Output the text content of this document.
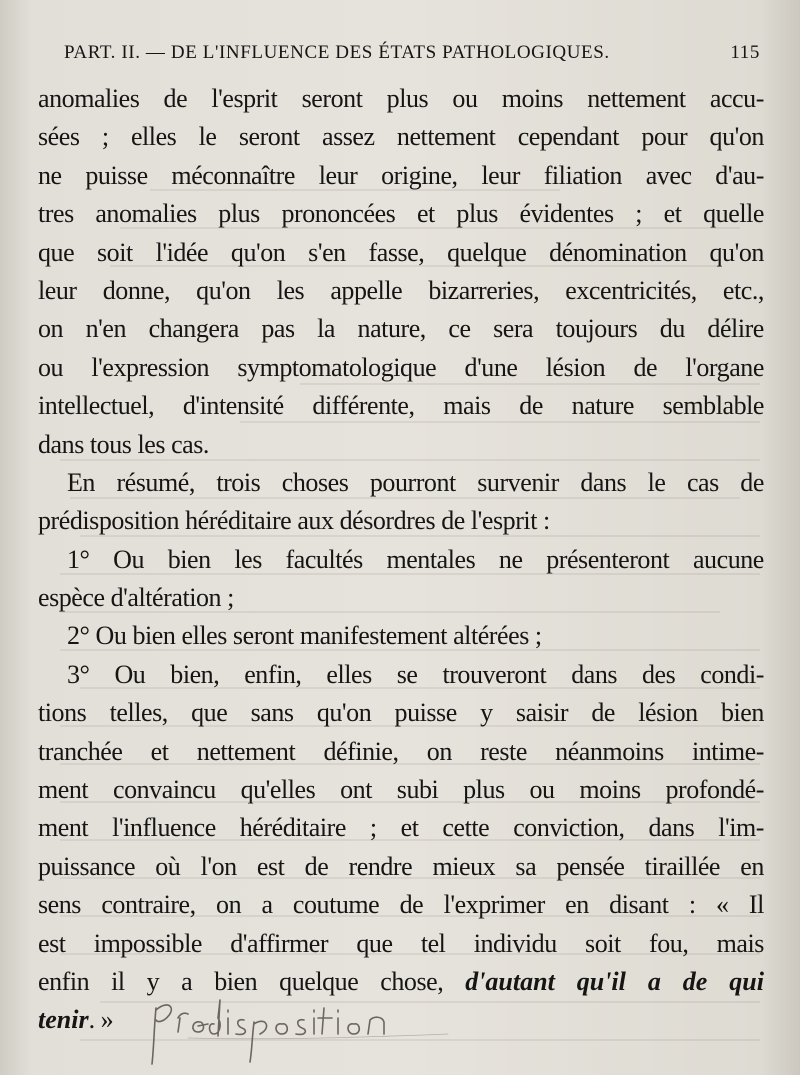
PART. II. — DE L'INFLUENCE DES ÉTATS PATHOLOGIQUES.	115
anomalies de l'esprit seront plus ou moins nettement accu-
sées ; elles le seront assez nettement cependant pour qu'on
ne puisse méconnaître leur origine, leur filiation avec d'au-
tres anomalies plus prononcées et plus évidentes ; et quelle
que soit l'idée qu'on s'en fasse, quelque dénomination qu'on
leur donne, qu'on les appelle bizarreries, excentricités, etc.,
on n'en changera pas la nature, ce sera toujours du délire
ou l'expression symptomatologique d'une lésion de l'organe
intellectuel, d'intensité différente, mais de nature semblable
dans tous les cas.
En résumé, trois choses pourront survenir dans le cas de
prédisposition héréditaire aux désordres de l'esprit :
1° Ou bien les facultés mentales ne présenteront aucune
espèce d'altération ;
2° Ou bien elles seront manifestement altérées ;
3° Ou bien, enfin, elles se trouveront dans des condi-
tions telles, que sans qu'on puisse y saisir de lésion bien
tranchée et nettement définie, on reste néanmoins intime-
ment convaincu qu'elles ont subi plus ou moins profondé-
ment l'influence héréditaire ; et cette conviction, dans l'im-
puissance où l'on est de rendre mieux sa pensée tiraillée en
sens contraire, on a coutume de l'exprimer en disant : « Il
est impossible d'affirmer que tel individu soit fou, mais
enfin il y a bien quelque chose, d'autant qu'il a de qui
tenir . »
